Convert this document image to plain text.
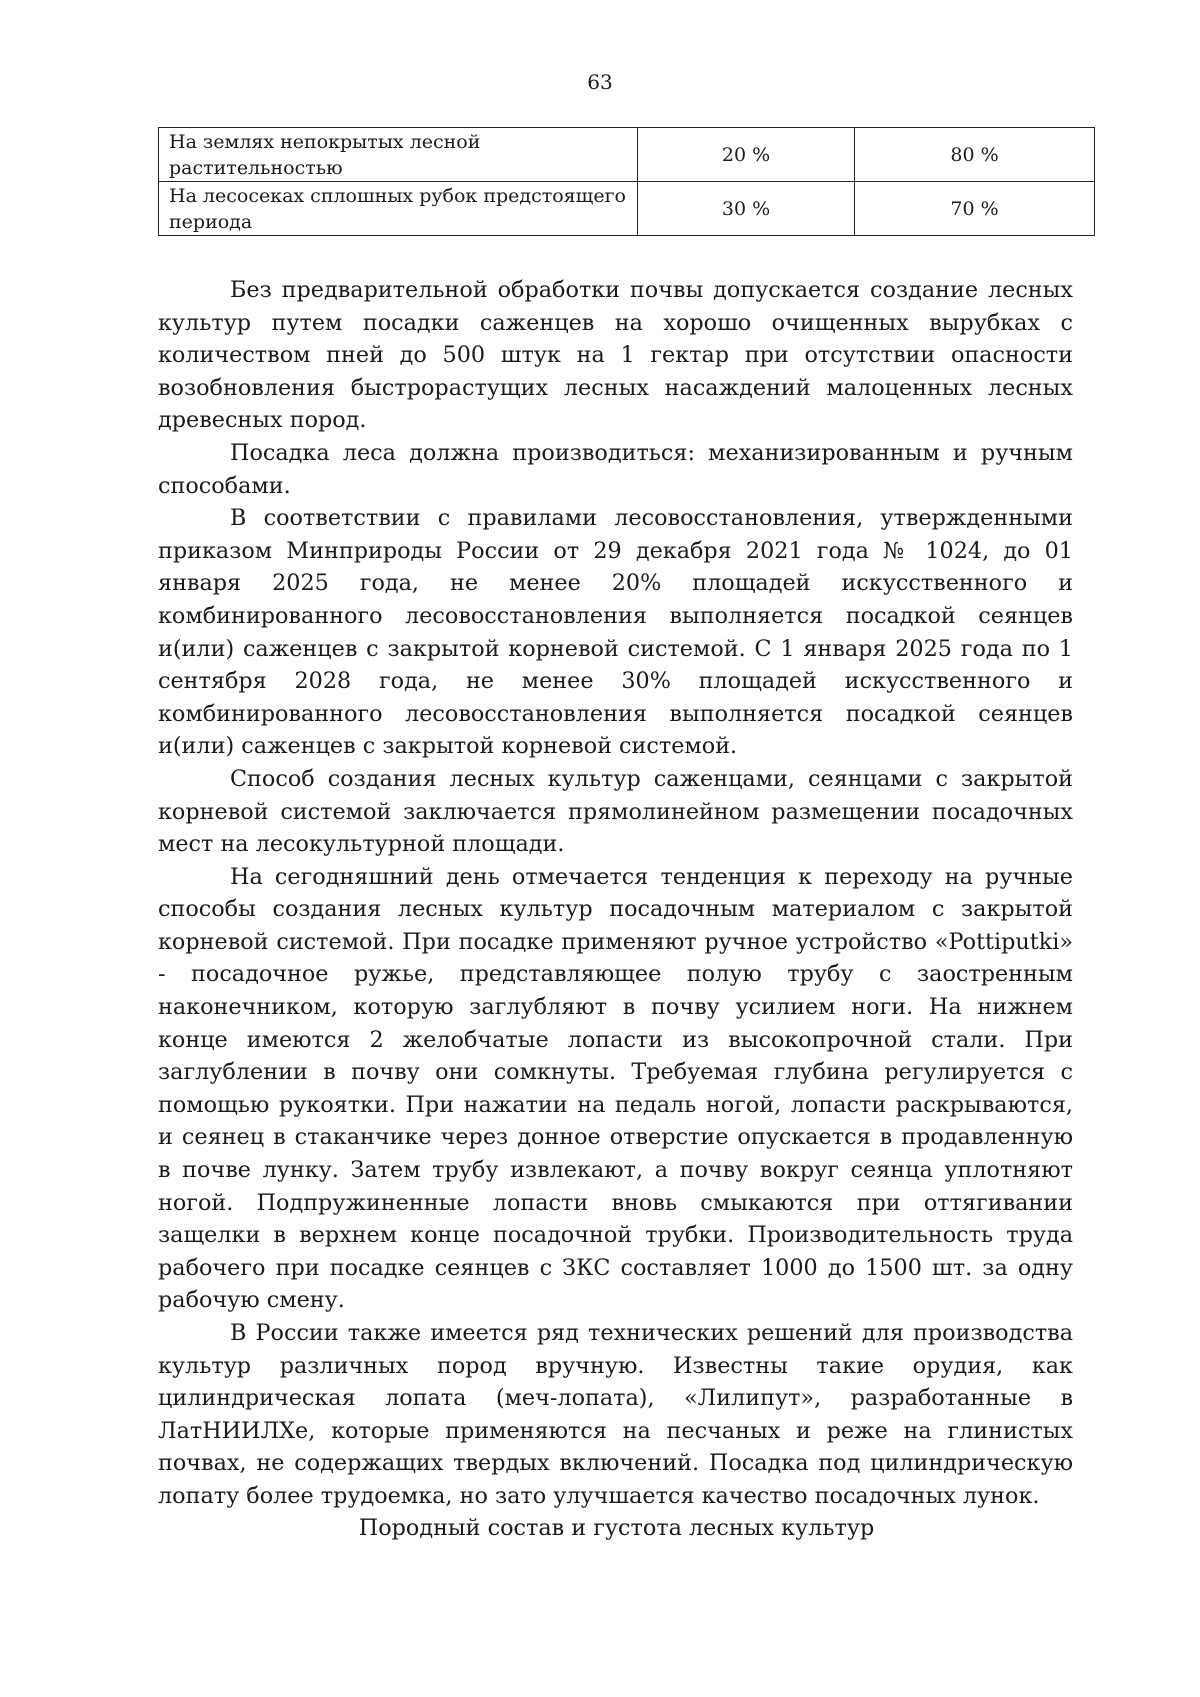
63
На землях непокрытых лесной
растительностью	20 %	80 %
На лесосеках сплошных рубок предстоящего
периода	30 %	70 %

Без предварительной обработки почвы допускается создание лесных культур путем посадки саженцев на хорошо очищенных вырубках с количеством пней до 500 штук на 1 гектар при отсутствии опасности возобновления быстрорастущих лесных насаждений малоценных лесных древесных пород.

Посадка леса должна производиться: механизированным и ручным способами.

В соответствии с правилами лесовосстановления, утвержденными приказом Минприроды России от 29 декабря 2021 года № 1024, до 01 января 2025 года, не менее 20% площадей искусственного и комбинированного лесовосстановления выполняется посадкой сеянцев и(или) саженцев с закрытой корневой системой. С 1 января 2025 года по 1 сентября 2028 года, не менее 30% площадей искусственного и комбинированного лесовосстановления выполняется посадкой сеянцев и(или) саженцев с закрытой корневой системой.

Способ создания лесных культур саженцами, сеянцами с закрытой корневой системой заключается прямолинейном размещении посадочных мест на лесокультурной площади.

На сегодняшний день отмечается тенденция к переходу на ручные способы создания лесных культур посадочным материалом с закрытой корневой системой. При посадке применяют ручное устройство «Pottiputki» - посадочное ружье, представляющее полую трубу с заостренным наконечником, которую заглубляют в почву усилием ноги. На нижнем конце имеются 2 желобчатые лопасти из высокопрочной стали. При заглублении в почву они сомкнуты. Требуемая глубина регулируется с помощью рукоятки. При нажатии на педаль ногой, лопасти раскрываются, и сеянец в стаканчике через донное отверстие опускается в продавленную в почве лунку. Затем трубу извлекают, а почву вокруг сеянца уплотняют ногой. Подпружиненные лопасти вновь смыкаются при оттягивании защелки в верхнем конце посадочной трубки. Производительность труда рабочего при посадке сеянцев с ЗКС составляет 1000 до 1500 шт. за одну рабочую смену.

В России также имеется ряд технических решений для производства культур различных пород вручную. Известны такие орудия, как цилиндрическая лопата (меч-лопата), «Лилипут», разработанные в ЛатНИИЛХе, которые применяются на песчаных и реже на глинистых почвах, не содержащих твердых включений. Посадка под цилиндрическую лопату более трудоемка, но зато улучшается качество посадочных лунок.

Породный состав и густота лесных культур
